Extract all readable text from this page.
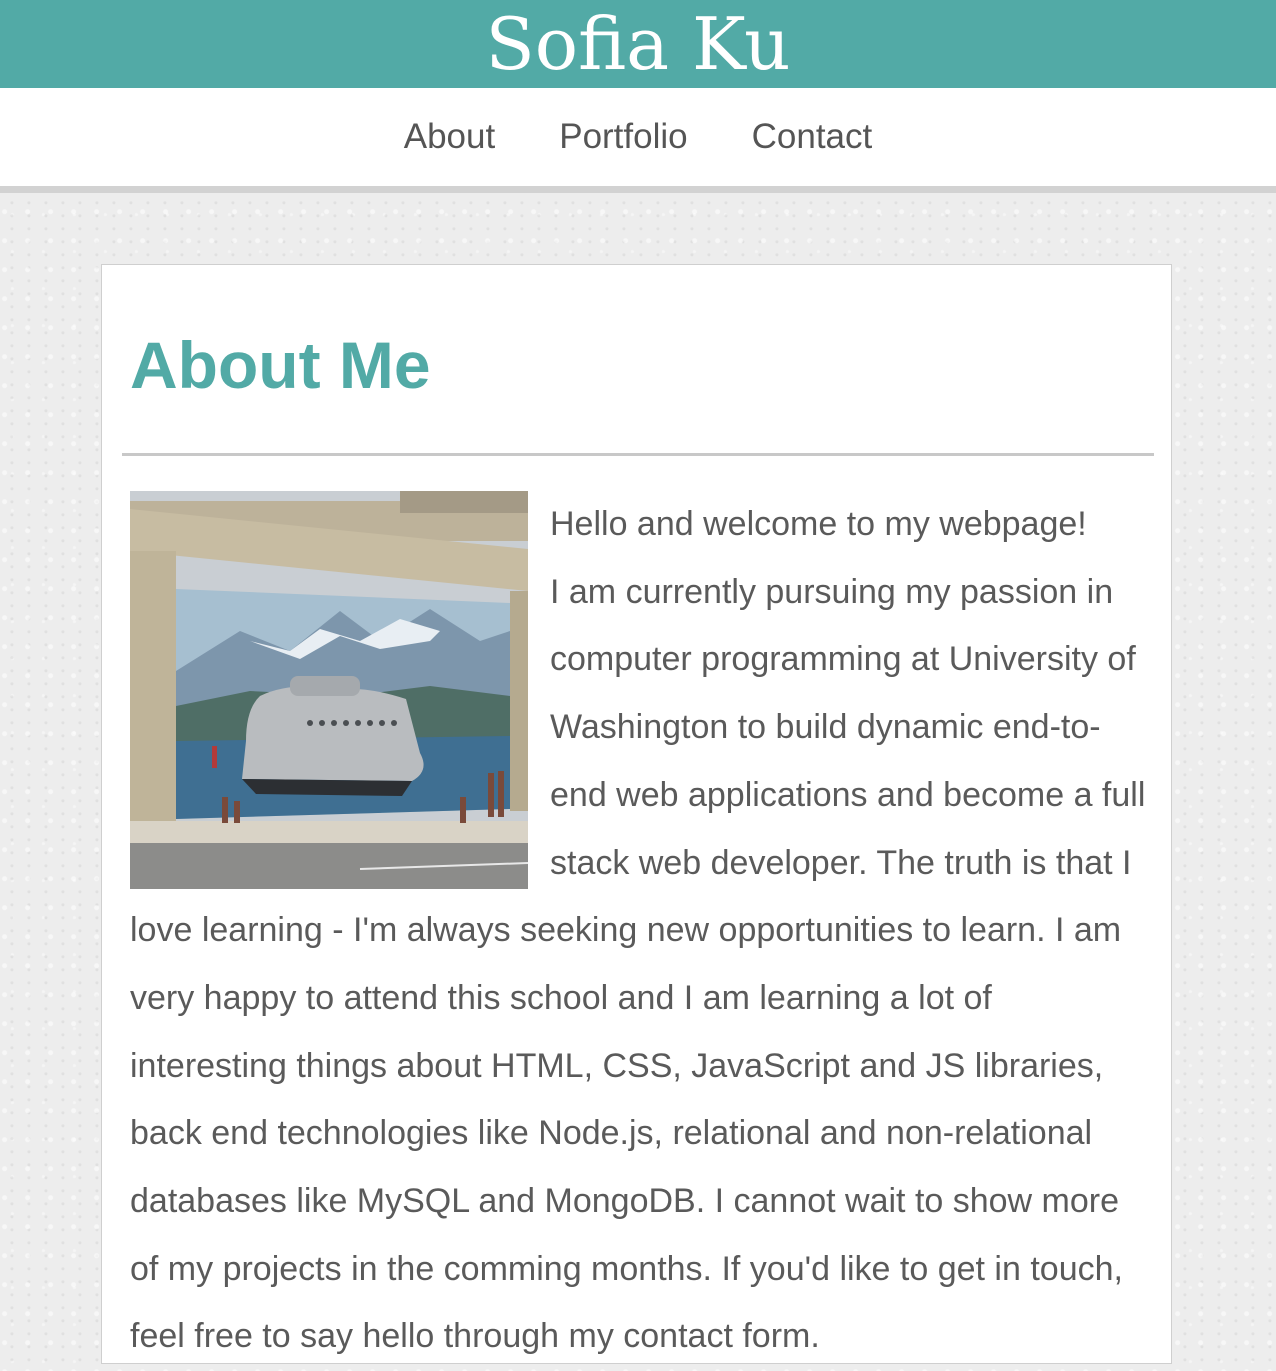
Sofia Ku
About Portfolio Contact
About Me
Hello and welcome to my webpage!
I am currently pursuing my passion in computer programming at University of Washington to build dynamic end-to-end web applications and become a full stack web developer. The truth is that I love learning - I'm always seeking new opportunities to learn. I am very happy to attend this school and I am learning a lot of interesting things about HTML, CSS, JavaScript and JS libraries, back end technologies like Node.js, relational and non-relational databases like MySQL and MongoDB. I cannot wait to show more of my projects in the comming months. If you'd like to get in touch, feel free to say hello through my contact form.
